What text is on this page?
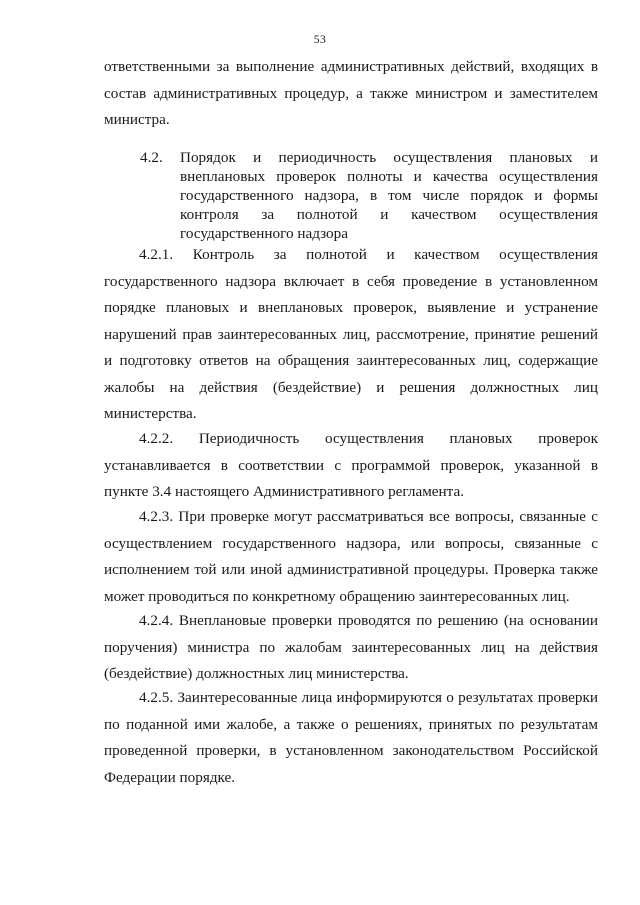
53

ответственными за выполнение административных действий, входящих в состав административных процедур, а также министром и заместителем министра.

4.2.	Порядок и периодичность осуществления плановых и внеплановых проверок полноты и качества осуществления государственного надзора, в том числе порядок и формы контроля за полнотой и качеством осуществления государственного надзора

4.2.1. Контроль за полнотой и качеством осуществления государственного надзора включает в себя проведение в установленном порядке плановых и внеплановых проверок, выявление и устранение нарушений прав заинтересованных лиц, рассмотрение, принятие решений и подготовку ответов на обращения заинтересованных лиц, содержащие жалобы на действия (бездействие) и решения должностных лиц министерства.

4.2.2. Периодичность осуществления плановых проверок устанавливается в соответствии с программой проверок, указанной в пункте 3.4 настоящего Административного регламента.

4.2.3. При проверке могут рассматриваться все вопросы, связанные с осуществлением государственного надзора, или вопросы, связанные с исполнением той или иной административной процедуры. Проверка также может проводиться по конкретному обращению заинтересованных лиц.

4.2.4. Внеплановые проверки проводятся по решению (на основании поручения) министра по жалобам заинтересованных лиц на действия (бездействие) должностных лиц министерства.

4.2.5. Заинтересованные лица информируются о результатах проверки по поданной ими жалобе, а также о решениях, принятых по результатам проведенной проверки, в установленном законодательством Российской Федерации порядке.
